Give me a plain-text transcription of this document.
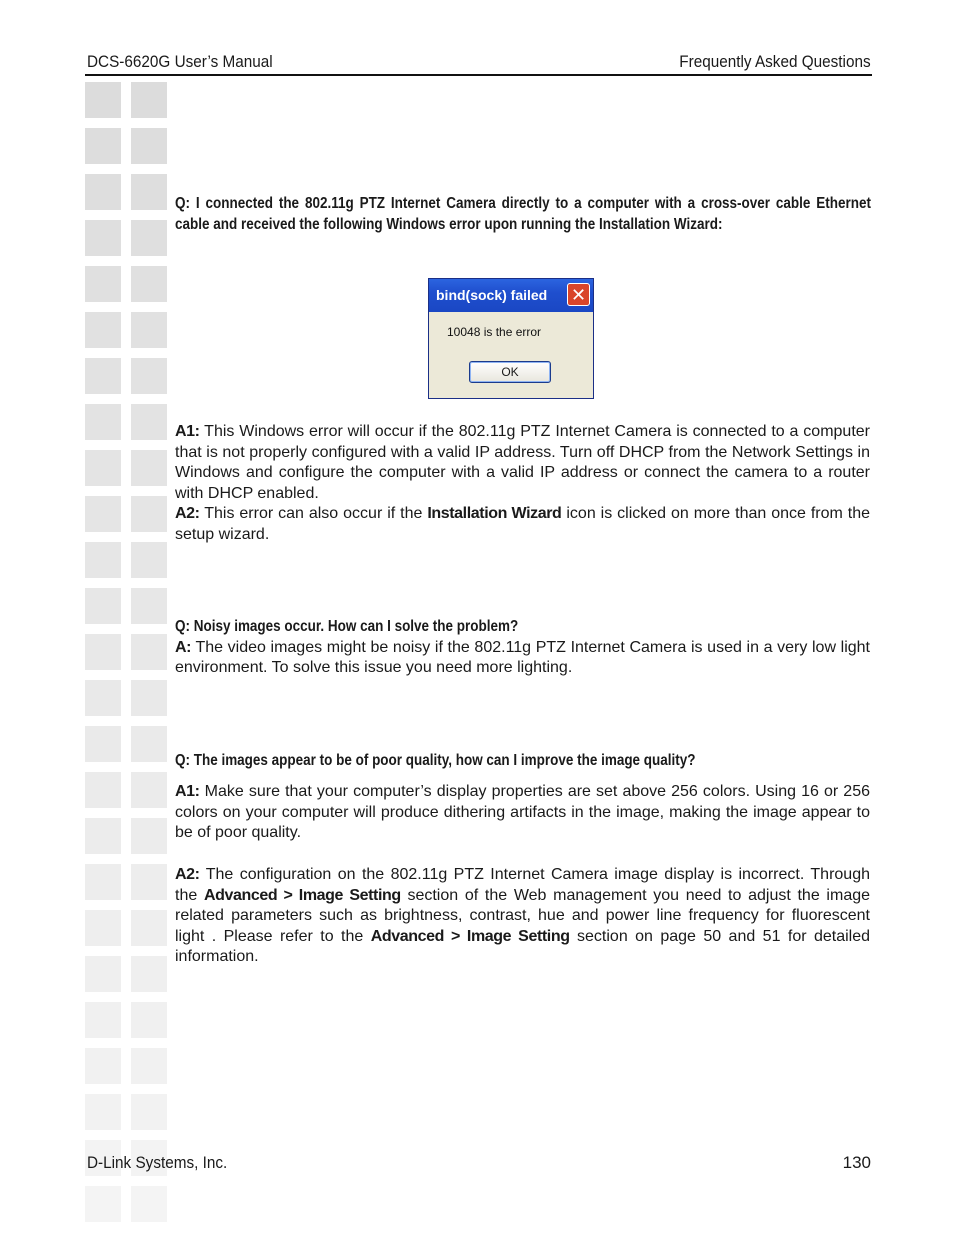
DCS-6620G User’s Manual	Frequently Asked Questions

Q: I connected the 802.11g PTZ Internet Camera directly to a computer with a cross-over cable Ethernet cable and received the following Windows error upon running the Installation Wizard:

bind(sock) failed ✕
10048 is the error
OK

A1: This Windows error will occur if the 802.11g PTZ Internet Camera is connected to a computer that is not properly configured with a valid IP address. Turn off DHCP from the Network Settings in Windows and configure the computer with a valid IP address or connect the camera to a router with DHCP enabled.

A2: This error can also occur if the Installation Wizard icon is clicked on more than once from the setup wizard.

Q: Noisy images occur. How can I solve the problem?

A: The video images might be noisy if the 802.11g PTZ Internet Camera is used in a very low light environment. To solve this issue you need more lighting.

Q: The images appear to be of poor quality, how can I improve the image quality?

A1: Make sure that your computer’s display properties are set above 256 colors. Using 16 or 256 colors on your computer will produce dithering artifacts in the image, making the image appear to be of poor quality.

A2: The configuration on the 802.11g PTZ Internet Camera image display is incorrect. Through the Advanced > Image Setting section of the Web management you need to adjust the image related parameters such as brightness, contrast, hue and power line frequency for fluorescent light . Please refer to the Advanced > Image Setting section on page 50 and 51 for detailed information.

D-Link Systems, Inc.	130
